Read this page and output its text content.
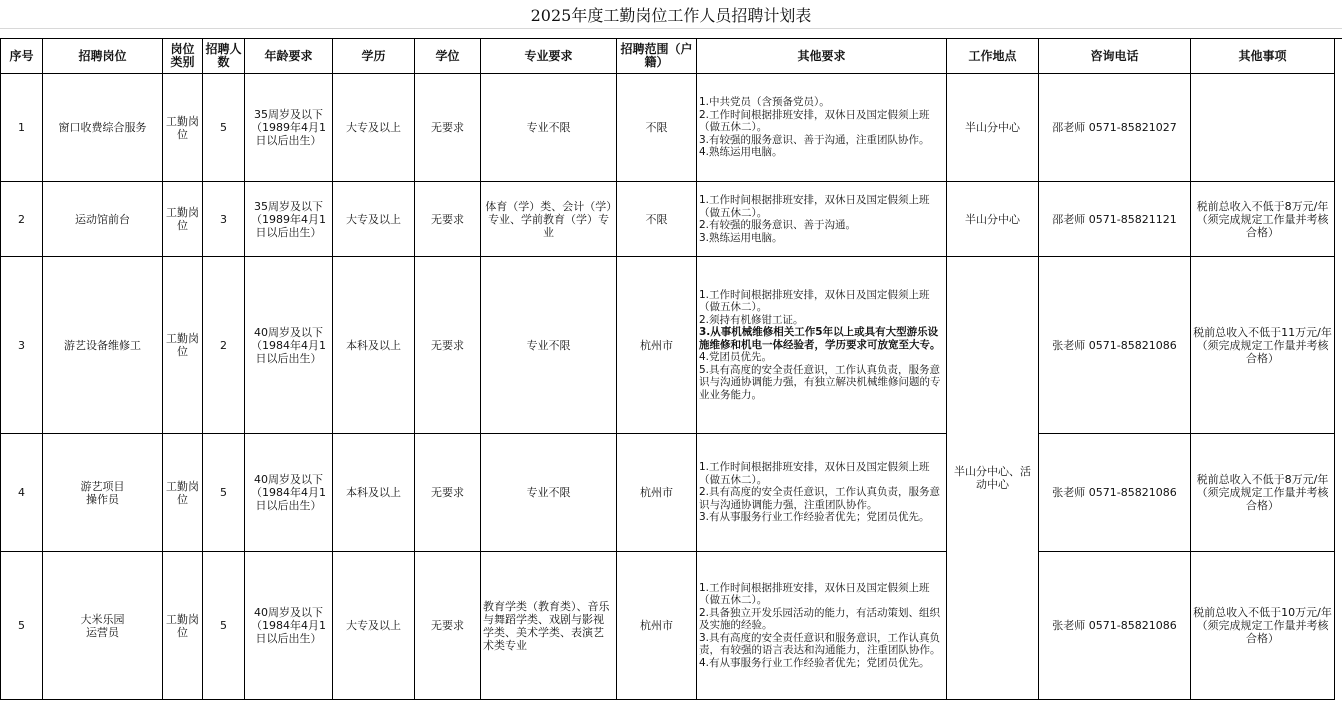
2025年度工勤岗位工作人员招聘计划表
序号	招聘岗位	岗位类别	招聘人数	年龄要求	学历	学位	专业要求	招聘范围（户籍）	其他要求	工作地点	咨询电话	其他事项
1	窗口收费综合服务	工勤岗位	5	35周岁及以下（1989年4月1日以后出生）	大专及以上	无要求	专业不限	不限	1.中共党员（含预备党员）。
2.工作时间根据排班安排，双休日及国定假须上班（做五休二）。
3.有较强的服务意识、善于沟通，注重团队协作。
4.熟练运用电脑。	半山分中心	邵老师 0571-85821027	
2	运动馆前台	工勤岗位	3	35周岁及以下（1989年4月1日以后出生）	大专及以上	无要求	体育（学）类、会计（学）专业、学前教育（学）专业	不限	1.工作时间根据排班安排，双休日及国定假须上班（做五休二）。
2.有较强的服务意识、善于沟通。
3.熟练运用电脑。	半山分中心	邵老师 0571-85821121	税前总收入不低于8万元/年（须完成规定工作量并考核合格）
3	游艺设备维修工	工勤岗位	2	40周岁及以下（1984年4月1日以后出生）	本科及以上	无要求	专业不限	杭州市	1.工作时间根据排班安排，双休日及国定假须上班（做五休二）。
2.须持有机修钳工证。
3.从事机械维修相关工作5年以上或具有大型游乐设施维修和机电一体经验者，学历要求可放宽至大专。
4.党团员优先。
5.具有高度的安全责任意识，工作认真负责，服务意识与沟通协调能力强，有独立解决机械维修问题的专业业务能力。	半山分中心、活动中心	张老师 0571-85821086	税前总收入不低于11万元/年（须完成规定工作量并考核合格）
4	游艺项目
操作员	工勤岗位	5	40周岁及以下（1984年4月1日以后出生）	本科及以上	无要求	专业不限	杭州市	1.工作时间根据排班安排，双休日及国定假须上班（做五休二）。
2.具有高度的安全责任意识，工作认真负责，服务意识与沟通协调能力强，注重团队协作。
3.有从事服务行业工作经验者优先；党团员优先。		张老师 0571-85821086	税前总收入不低于8万元/年（须完成规定工作量并考核合格）
5	大米乐园
运营员	工勤岗位	5	40周岁及以下（1984年4月1日以后出生）	大专及以上	无要求	教育学类（教育类）、音乐与舞蹈学类、戏剧与影视学类、美术学类、表演艺术类专业	杭州市	1.工作时间根据排班安排，双休日及国定假须上班（做五休二）。
2.具备独立开发乐园活动的能力，有活动策划、组织及实施的经验。
3.具有高度的安全责任意识和服务意识，工作认真负责，有较强的语言表达和沟通能力，注重团队协作。
4.有从事服务行业工作经验者优先；党团员优先。		张老师 0571-85821086	税前总收入不低于10万元/年（须完成规定工作量并考核合格）
